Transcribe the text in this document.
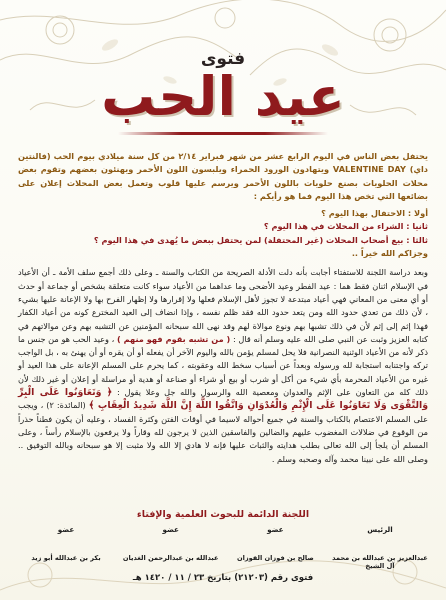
فتوى
عيد الحب

يحتفل بعض الناس في اليوم الرابع عشر من شهر فبراير ٢/١٤ من كل سنة ميلادي بيوم الحب (فالنتين داي) VALENTINE DAY ويتهادون الورود الحمراء ويلبسون اللون الأحمر ويهنئون بعضهم وتقوم بعض محلات الحلويات بصنع حلويات باللون الأحمر ويرسم عليها قلوب وتعمل بعض المحلات إعلان على بضائعها التي تخص هذا اليوم فما هو رأيكم :

أولا : الاحتفال بهذا اليوم ؟
ثانيا : الشراء من المحلات في هذا اليوم ؟
ثالثا : بيع أصحاب المحلات (غير المحتفلة) لمن يحتفل ببعض ما يُهدى في هذا اليوم ؟
وجزاكم الله خيراً ..

وبعد دراسة اللجنة للاستفتاء أجابت بأنه دلت الأدلة الصريحة من الكتاب والسنة ـ وعلى ذلك أجمع سلف الأمة ـ أن الأعياد في الإسلام اثنان فقط هما : عيد الفطر وعيد الأضحى وما عداهما من الأعياد سواء كانت متعلقة بشخص أو جماعة أو حدث أو أي معنى من المعاني فهي أعياد مبتدعة لا تجوز لأهل الإسلام فعلها ولا إقرارها ولا إظهار الفرح بها ولا الإعانة عليها بشيء ، لأن ذلك من تعدي حدود الله ومن يتعد حدود الله فقد ظلم نفسه ، وإذا انضاف إلى العيد المخترع كونه من أعياد الكفار فهذا إثم إلى إثم لأن في ذلك تشبها بهم ونوع موالاة لهم وقد نهى الله سبحانه المؤمنين عن التشبه بهم وعن موالاتهم في كتابه العزيز وثبت عن النبي صلى الله عليه وسلم أنه قال : ( من تشبه بقوم فهو منهم ) ، وعيد الحب هو من جنس ما ذكر لأنه من الأعياد الوثنية النصرانية فلا يحل لمسلم يؤمن بالله واليوم الآخر أن يفعله أو أن يقره أو أن يهنئ به ، بل الواجب تركه واجتنابه استجابة لله ورسوله وبعداً عن أسباب سخط الله وعقوبته ، كما يحرم على المسلم الإعانة على هذا العيد أو غيره من الأعياد المحرمة بأي شيء من أكل أو شرب أو بيع أو شراء أو صناعة أو هدية أو مراسلة أو إعلان أو غير ذلك لأن ذلك كله من التعاون على الإثم والعدوان ومعصية الله والرسول والله جل وعلا يقول : ﴿ وَتَعَاوَنُوا عَلَى الْبِرِّ وَالتَّقْوَى وَلَا تَعَاوَنُوا عَلَى الْإِثْمِ وَالْعُدْوَانِ وَاتَّقُوا اللَّهَ إِنَّ اللَّهَ شَدِيدُ الْعِقَابِ ﴾ (المائدة: ٢) ، ويجب على المسلم الاعتصام بالكتاب والسنة في جميع أحواله لاسيما في أوقات الفتن وكثرة الفساد ، وعليه أن يكون فطناً حذراً من الوقوع في ضلالات المغضوب عليهم والضالين والفاسقين الذين لا يرجون لله وقاراً ولا يرفعون بالإسلام رأساً ، وعلى المسلم أن يلجأ إلى الله تعالى بطلب هدايته والثبات عليها فإنه لا هادي إلا الله ولا مثبت إلا هو سبحانه وبالله التوفيق .. وصلى الله على نبينا محمد وآله وصحبه وسلم .

اللجنة الدائمة للبحوث العلمية والإفتاء
الرئيس
عبدالعزيز بن عبدالله بن محمد آل الشيخ
عضو
صالح بن فوزان الفوزان
عضو
عبدالله بن عبدالرحمن الغديان
عضو
بكر بن عبدالله أبو زيد
فتوى رقم (٢١٢٠٣) بتاريخ ٢٣ / ١١ / ١٤٢٠ هـ
